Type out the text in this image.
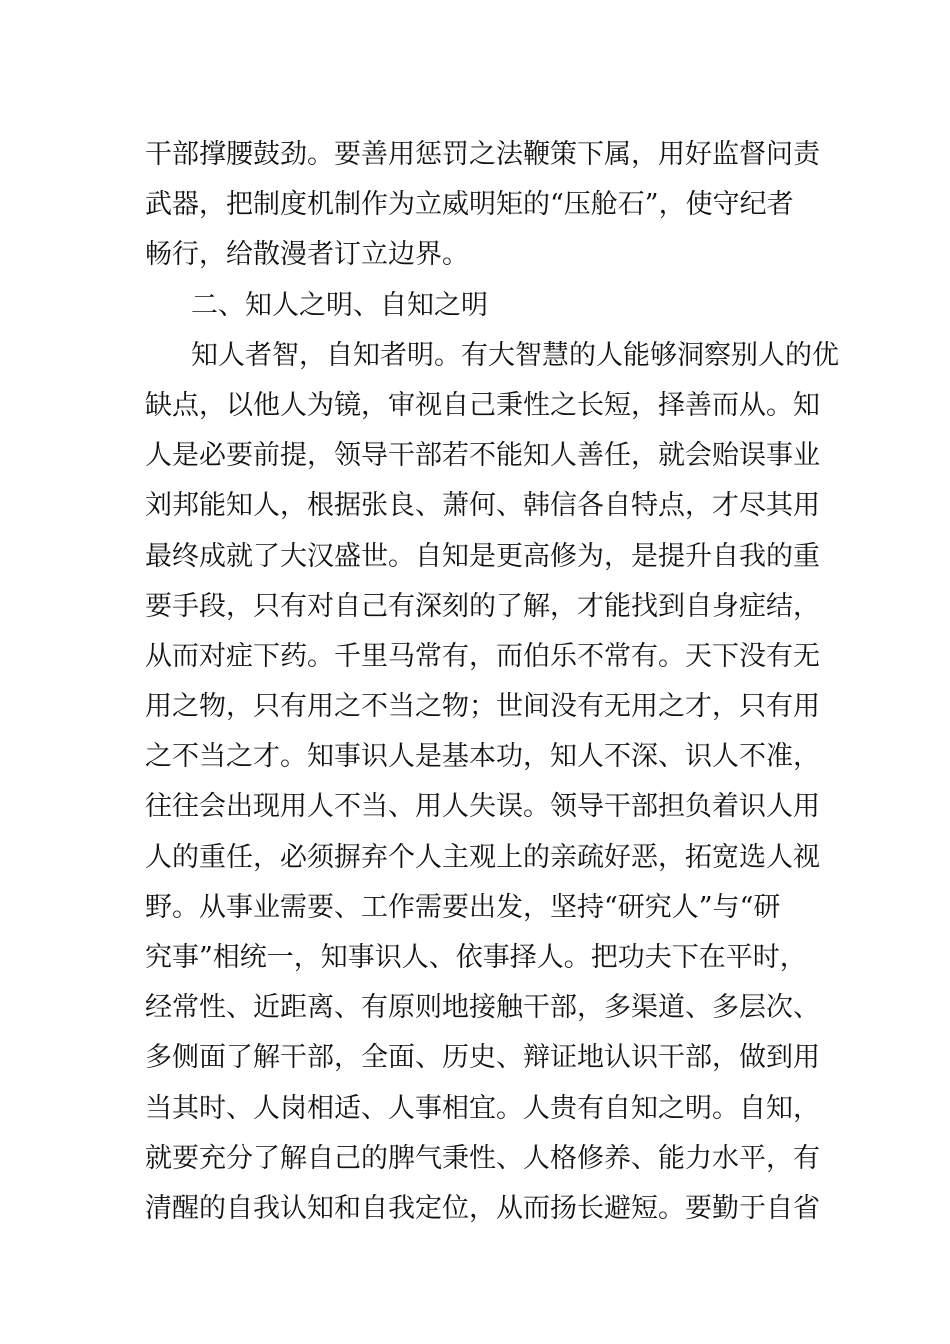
干部撑腰鼓劲。要善用惩罚之法鞭策下属，用好监督问责
武器，把制度机制作为立威明矩的“压舱石”，使守纪者
畅行，给散漫者订立边界。
二、知人之明、自知之明
知人者智，自知者明。有大智慧的人能够洞察别人的优
缺点，以他人为镜，审视自己秉性之长短，择善而从。知
人是必要前提，领导干部若不能知人善任，就会贻误事业
刘邦能知人，根据张良、萧何、韩信各自特点，才尽其用
最终成就了大汉盛世。自知是更高修为，是提升自我的重
要手段，只有对自己有深刻的了解，才能找到自身症结，
从而对症下药。千里马常有，而伯乐不常有。天下没有无
用之物，只有用之不当之物；世间没有无用之才，只有用
之不当之才。知事识人是基本功，知人不深、识人不准，
往往会出现用人不当、用人失误。领导干部担负着识人用
人的重任，必须摒弃个人主观上的亲疏好恶，拓宽选人视
野。从事业需要、工作需要出发，坚持“研究人”与“研
究事”相统一，知事识人、依事择人。把功夫下在平时，
经常性、近距离、有原则地接触干部，多渠道、多层次、
多侧面了解干部，全面、历史、辩证地认识干部，做到用
当其时、人岗相适、人事相宜。人贵有自知之明。自知，
就要充分了解自己的脾气秉性、人格修养、能力水平，有
清醒的自我认知和自我定位，从而扬长避短。要勤于自省
